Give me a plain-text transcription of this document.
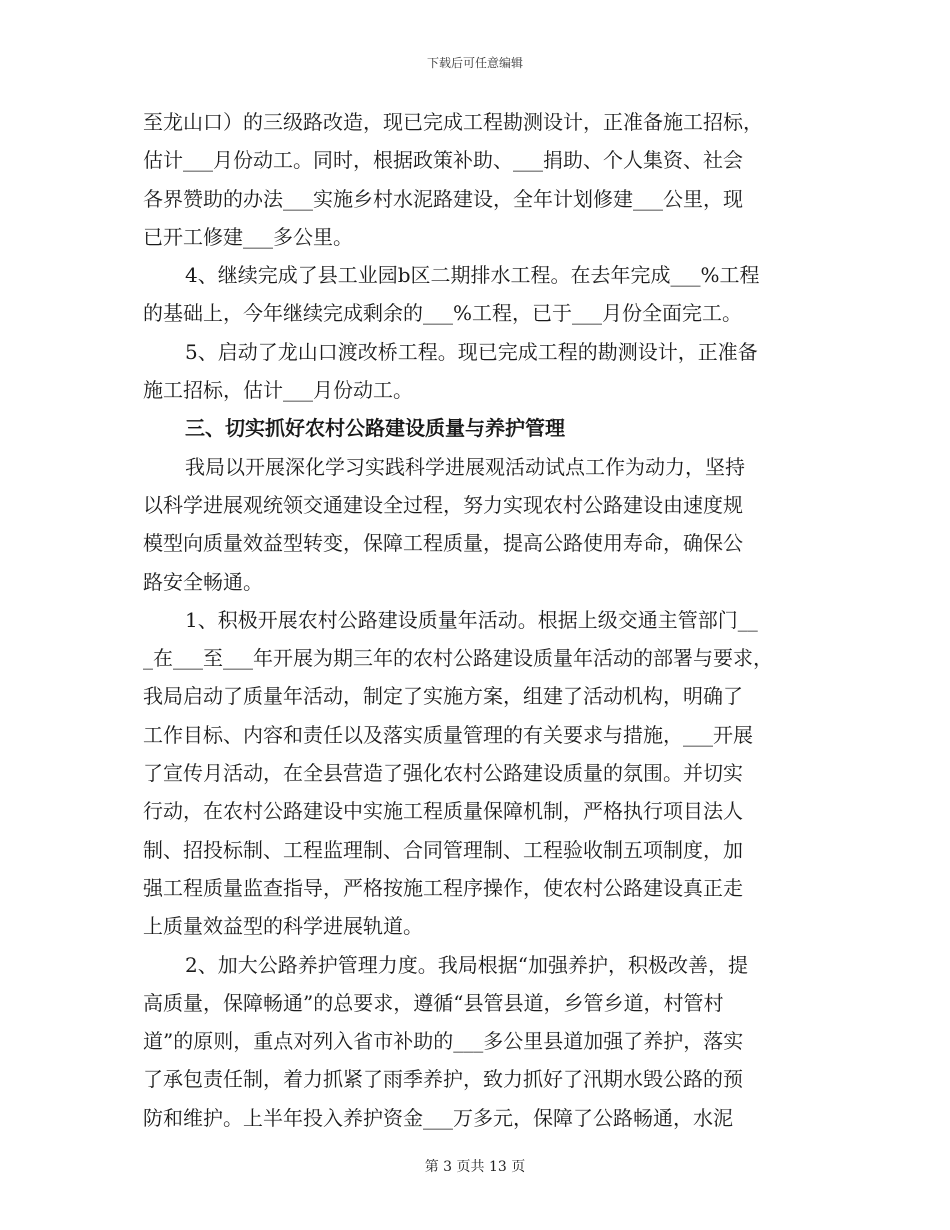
下载后可任意编辑
至龙山口）的三级路改造，现已完成工程勘测设计，正准备施工招标，
估计___月份动工。同时，根据政策补助、___捐助、个人集资、社会
各界赞助的办法___实施乡村水泥路建设，全年计划修建___公里，现
已开工修建___多公里。
4、继续完成了县工业园b区二期排水工程。在去年完成___%工程
的基础上，今年继续完成剩余的___%工程，已于___月份全面完工。
5、启动了龙山口渡改桥工程。现已完成工程的勘测设计，正准备
施工招标，估计___月份动工。
三、切实抓好农村公路建设质量与养护管理
我局以开展深化学习实践科学进展观活动试点工作为动力，坚持
以科学进展观统领交通建设全过程，努力实现农村公路建设由速度规
模型向质量效益型转变，保障工程质量，提高公路使用寿命，确保公
路安全畅通。
1、积极开展农村公路建设质量年活动。根据上级交通主管部门__
_在___至___年开展为期三年的农村公路建设质量年活动的部署与要求，
我局启动了质量年活动，制定了实施方案，组建了活动机构，明确了
工作目标、内容和责任以及落实质量管理的有关要求与措施，___开展
了宣传月活动，在全县营造了强化农村公路建设质量的氛围。并切实
行动，在农村公路建设中实施工程质量保障机制，严格执行项目法人
制、招投标制、工程监理制、合同管理制、工程验收制五项制度，加
强工程质量监查指导，严格按施工程序操作，使农村公路建设真正走
上质量效益型的科学进展轨道。
2、加大公路养护管理力度。我局根据“加强养护，积极改善，提
高质量，保障畅通”的总要求，遵循“县管县道，乡管乡道，村管村
道”的原则，重点对列入省市补助的___多公里县道加强了养护，落实
了承包责任制，着力抓紧了雨季养护，致力抓好了汛期水毁公路的预
防和维护。上半年投入养护资金___万多元，保障了公路畅通，水泥
第 3 页共 13 页
